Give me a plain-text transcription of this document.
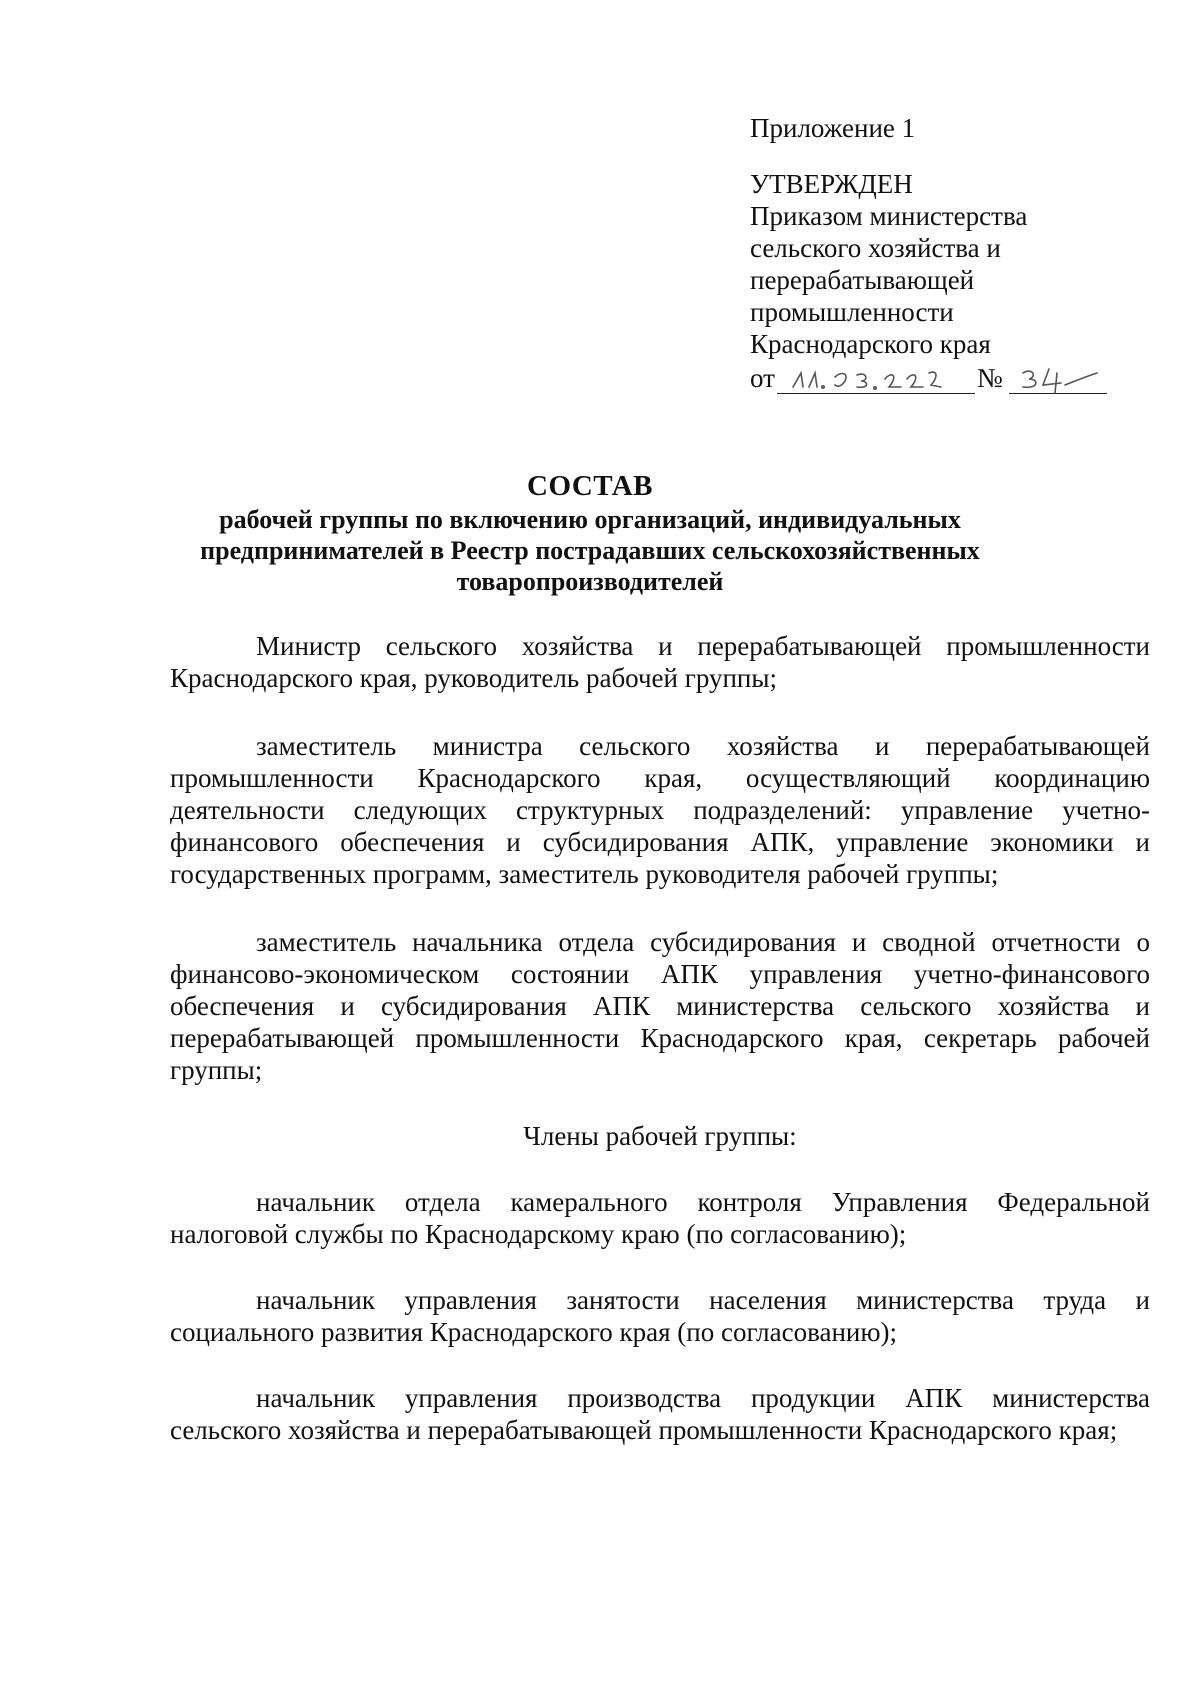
Приложение 1
УТВЕРЖДЕН
Приказом министерства
сельского хозяйства и
перерабатывающей
промышленности
Краснодарского края
от	№
СОСТАВ
рабочей группы по включению организаций, индивидуальных
предпринимателей в Реестр пострадавших сельскохозяйственных
товаропроизводителей

Министр сельского хозяйства и перерабатывающей промышленности Краснодарского края, руководитель рабочей группы;

заместитель министра сельского хозяйства и перерабатывающей промышленности Краснодарского края, осуществляющий координацию деятельности следующих структурных подразделений: управление учетно-финансового обеспечения и субсидирования АПК, управление экономики и государственных программ, заместитель руководителя рабочей группы;

заместитель начальника отдела субсидирования и сводной отчетности о финансово-экономическом состоянии АПК управления учетно-финансового обеспечения и субсидирования АПК министерства сельского хозяйства и перерабатывающей промышленности Краснодарского края, секретарь рабочей группы;

Члены рабочей группы:

начальник отдела камерального контроля Управления Федеральной налоговой службы по Краснодарскому краю (по согласованию);

начальник управления занятости населения министерства труда и социального развития Краснодарского края (по согласованию);

начальник управления производства продукции АПК министерства сельского хозяйства и перерабатывающей промышленности Краснодарского края;
